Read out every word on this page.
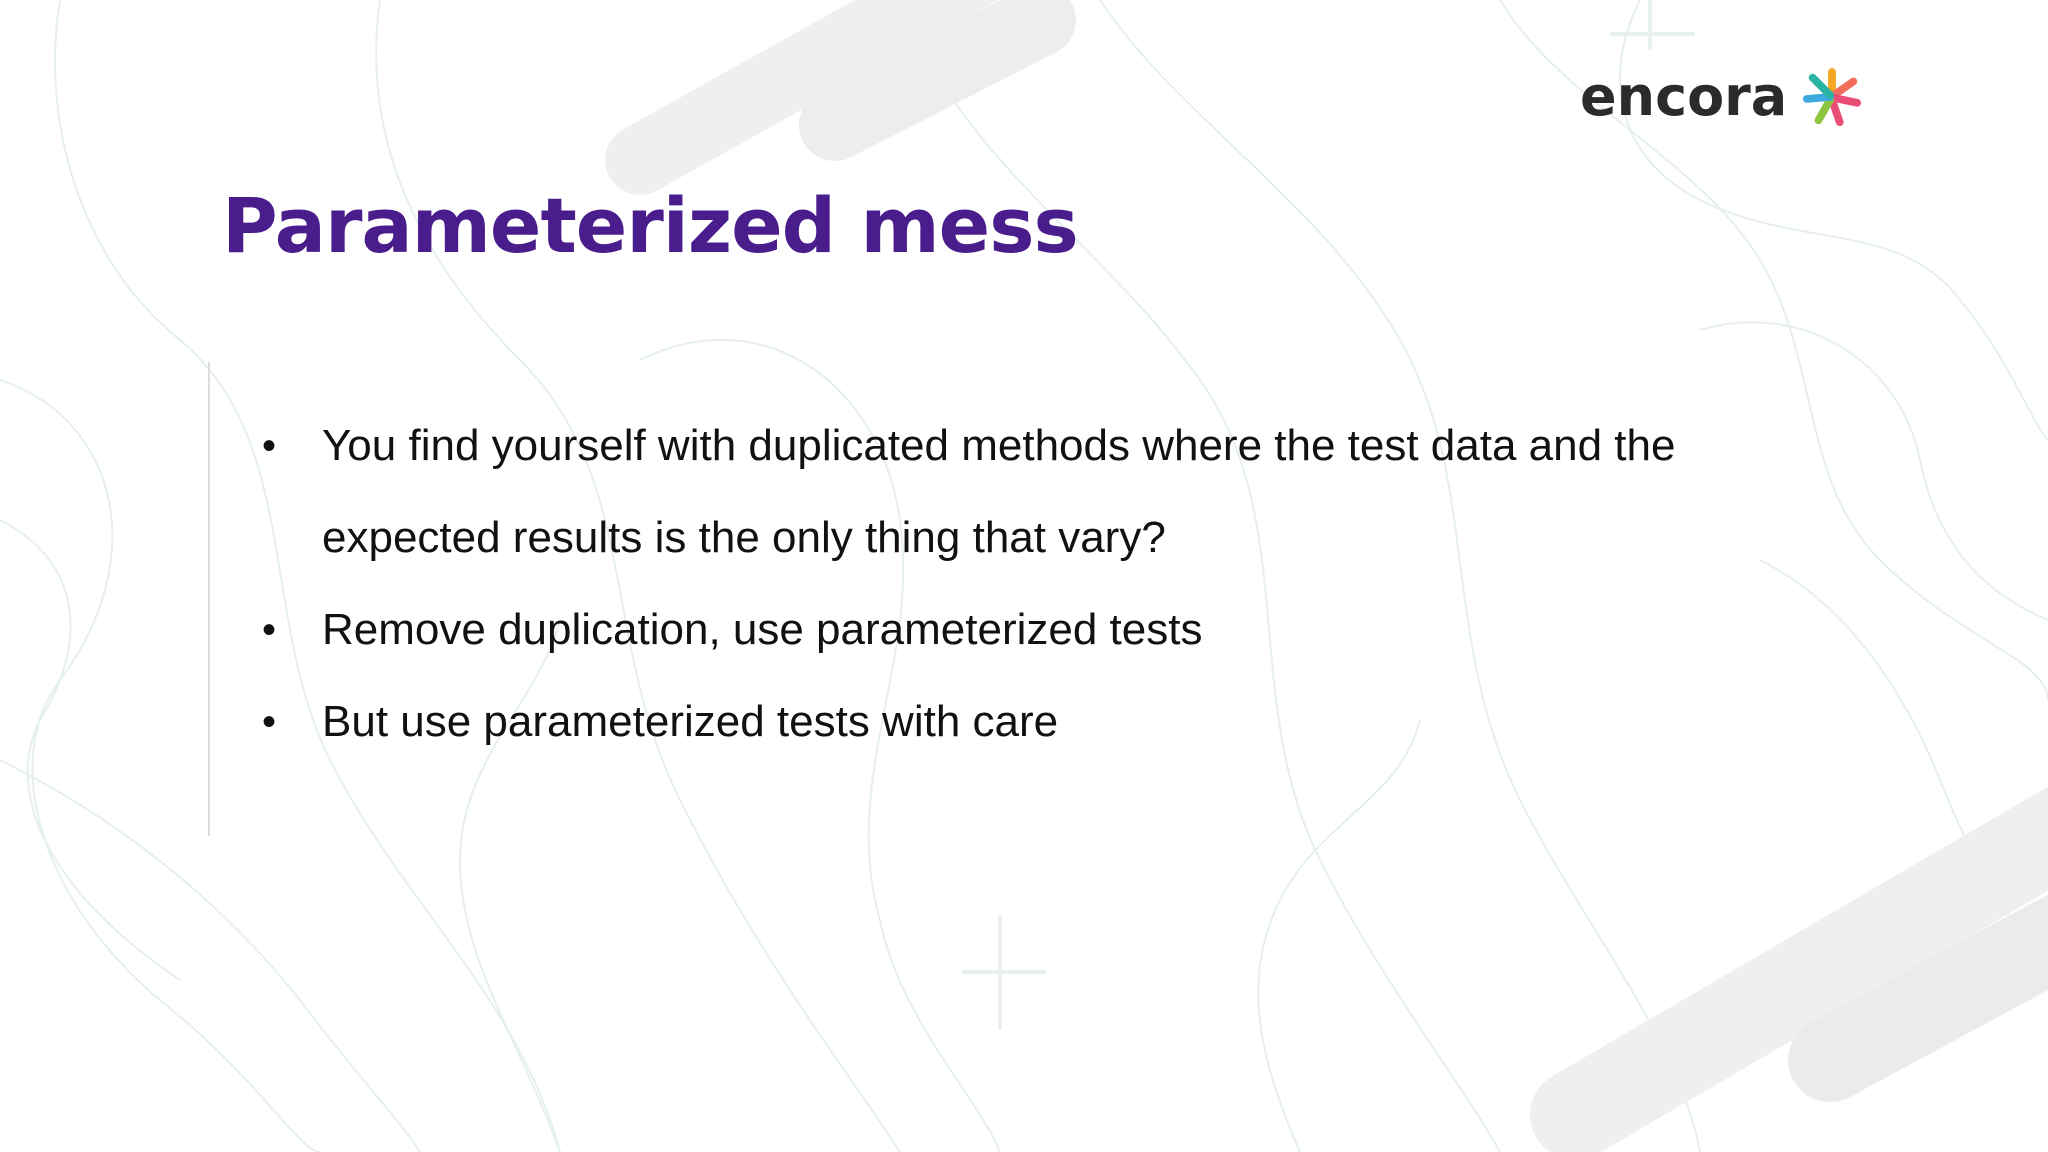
encora
Parameterized mess
• You find yourself with duplicated methods where the test data and the expected results is the only thing that vary?
• Remove duplication, use parameterized tests
• But use parameterized tests with care
